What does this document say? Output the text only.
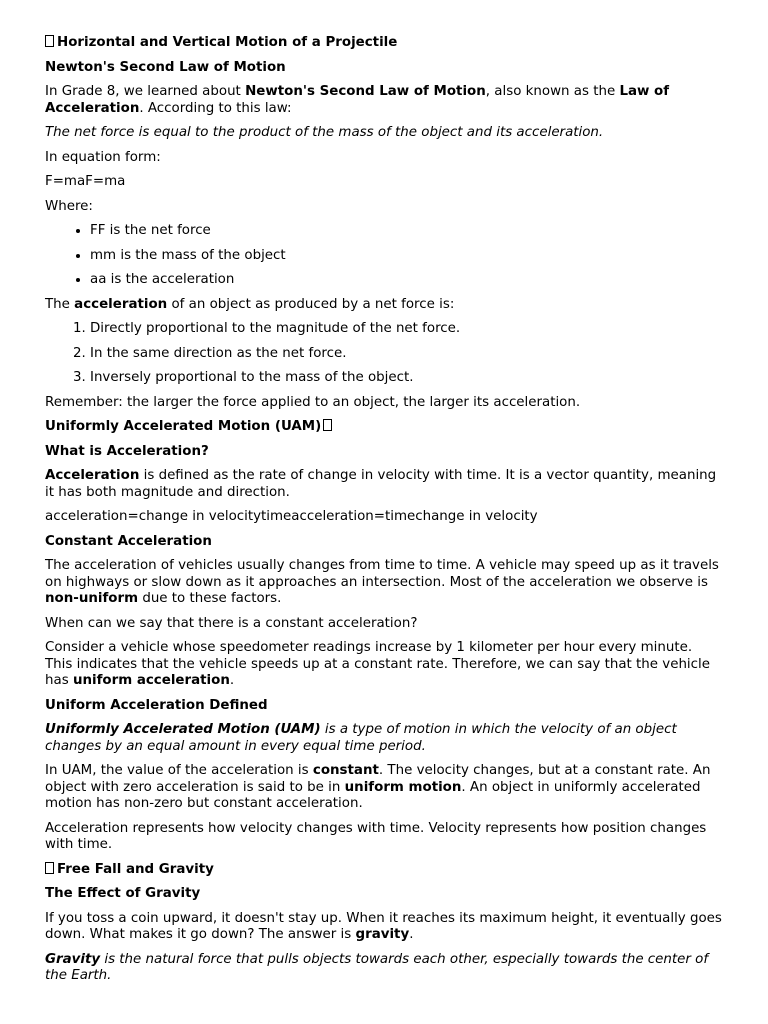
Horizontal and Vertical Motion of a Projectile

Newton's Second Law of Motion

In Grade 8, we learned about Newton's Second Law of Motion, also known as the Law of Acceleration. According to this law:

The net force is equal to the product of the mass of the object and its acceleration.

In equation form:

F=maF=ma

Where:

• FF is the net force
• mm is the mass of the object
• aa is the acceleration

The acceleration of an object as produced by a net force is:

1. Directly proportional to the magnitude of the net force.
2. In the same direction as the net force.
3. Inversely proportional to the mass of the object.

Remember: the larger the force applied to an object, the larger its acceleration.

Uniformly Accelerated Motion (UAM)

What is Acceleration?

Acceleration is defined as the rate of change in velocity with time. It is a vector quantity, meaning it has both magnitude and direction.

acceleration=change in velocitytimeacceleration=timechange in velocity

Constant Acceleration

The acceleration of vehicles usually changes from time to time. A vehicle may speed up as it travels on highways or slow down as it approaches an intersection. Most of the acceleration we observe is non-uniform due to these factors.

When can we say that there is a constant acceleration?

Consider a vehicle whose speedometer readings increase by 1 kilometer per hour every minute. This indicates that the vehicle speeds up at a constant rate. Therefore, we can say that the vehicle has uniform acceleration.

Uniform Acceleration Defined

Uniformly Accelerated Motion (UAM) is a type of motion in which the velocity of an object changes by an equal amount in every equal time period.

In UAM, the value of the acceleration is constant. The velocity changes, but at a constant rate. An object with zero acceleration is said to be in uniform motion. An object in uniformly accelerated motion has non-zero but constant acceleration.

Acceleration represents how velocity changes with time. Velocity represents how position changes with time.

Free Fall and Gravity

The Effect of Gravity

If you toss a coin upward, it doesn't stay up. When it reaches its maximum height, it eventually goes down. What makes it go down? The answer is gravity.

Gravity is the natural force that pulls objects towards each other, especially towards the center of the Earth.
